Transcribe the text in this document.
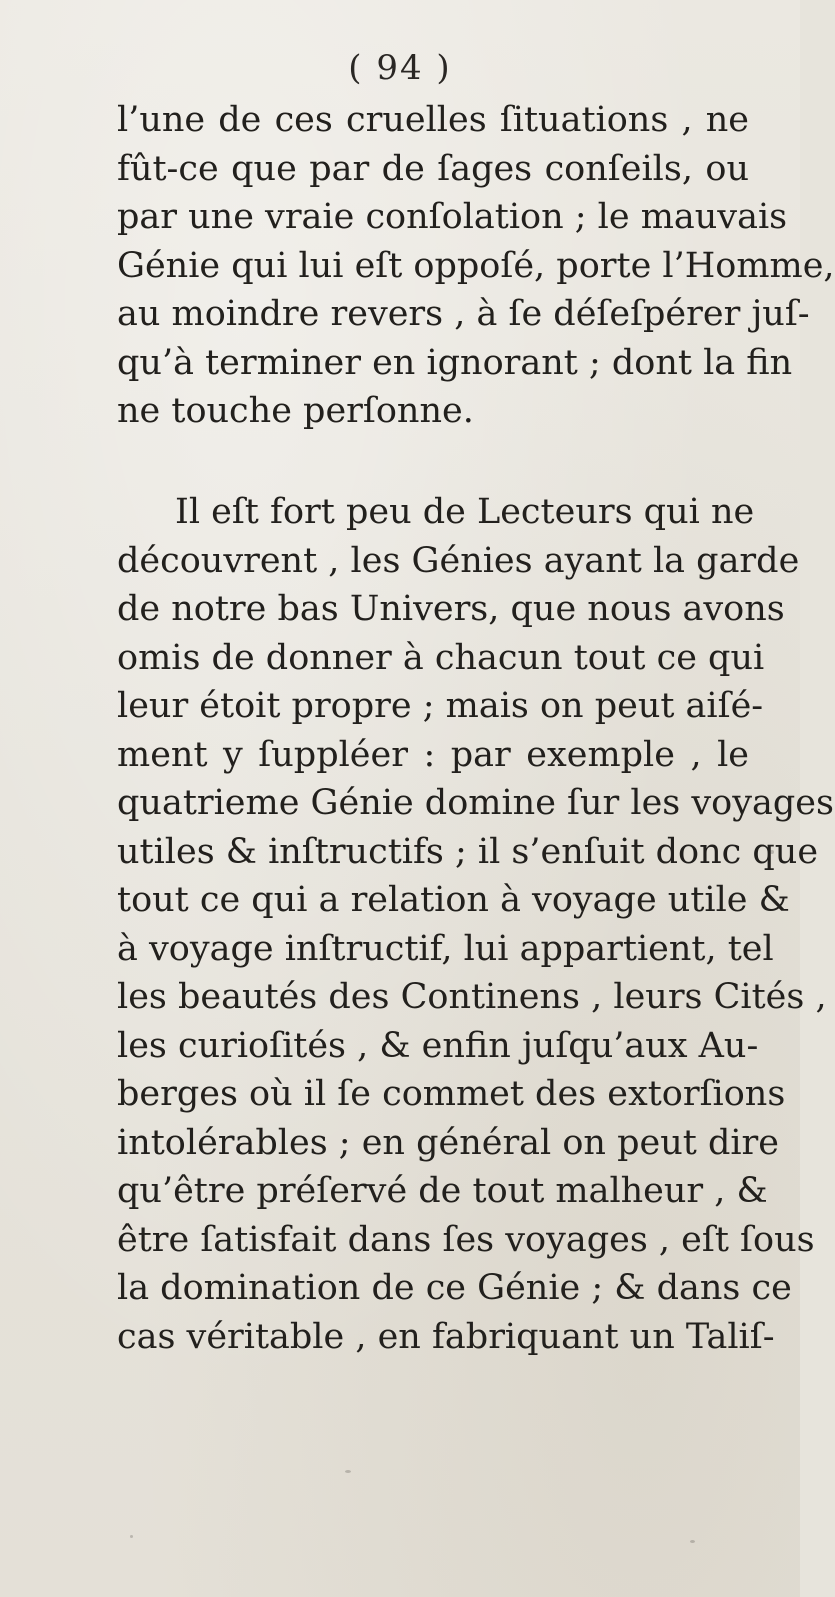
( 94 )
l’une de ces cruelles ſituations , ne
fût-ce que par de ſages conſeils, ou
par une vraie conſolation ; le mauvais
Génie qui lui eſt oppoſé, porte l’Homme,
au moindre revers , à ſe déſeſpérer juſ-
qu’à terminer en ignorant ; dont la fin
ne touche perſonne.
Il eſt fort peu de Lecteurs qui ne
découvrent , les Génies ayant la garde
de notre bas Univers, que nous avons
omis de donner à chacun tout ce qui
leur étoit propre ; mais on peut aiſé-
ment y ſuppléer : par exemple , le
quatrieme Génie domine ſur les voyages
utiles & inſtructifs ; il s’enſuit donc que
tout ce qui a relation à voyage utile &
à voyage inſtructif, lui appartient, tel
les beautés des Continens , leurs Cités ,
les curioſités , & enfin juſqu’aux Au-
berges où il ſe commet des extorſions
intolérables ; en général on peut dire
qu’être préſervé de tout malheur , &
être ſatisfait dans ſes voyages , eſt ſous
la domination de ce Génie ; & dans ce
cas véritable , en fabriquant un Taliſ-
